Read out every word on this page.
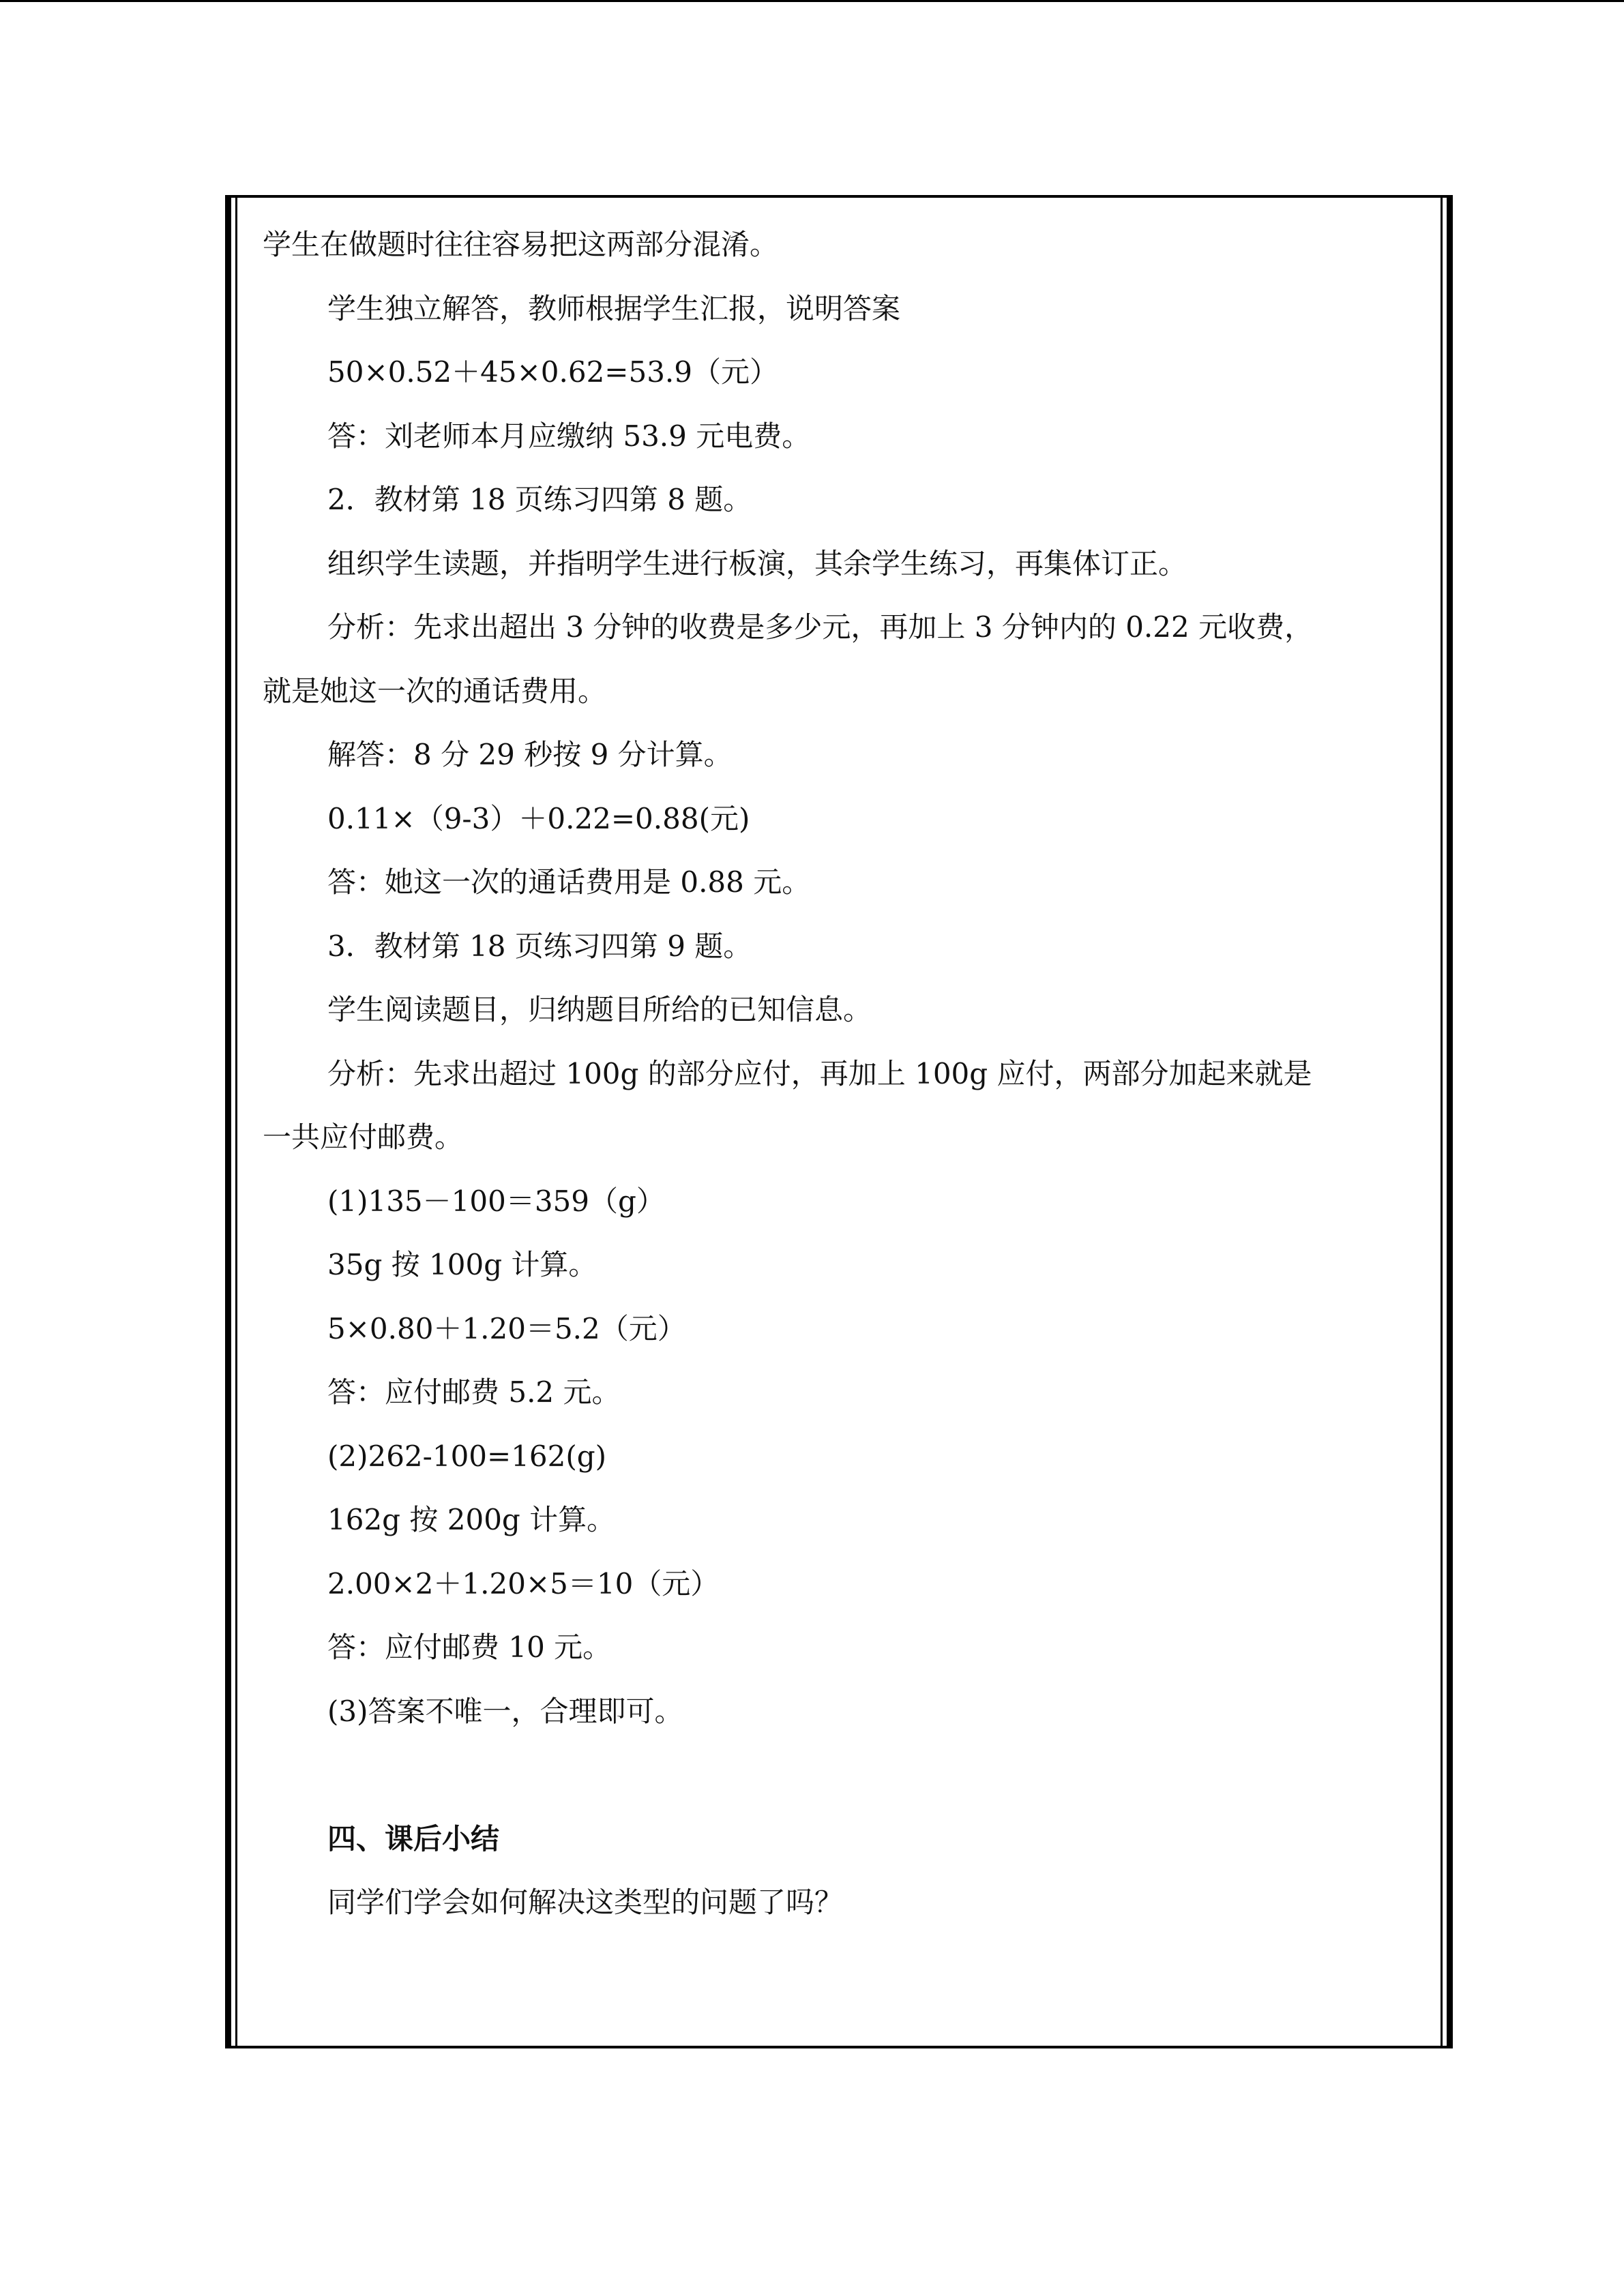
学生在做题时往往容易把这两部分混淆。
学生独立解答，教师根据学生汇报，说明答案
50×0.52＋45×0.62=53.9（元）
答：刘老师本月应缴纳 53.9 元电费。
2．教材第 18 页练习四第 8 题。
组织学生读题，并指明学生进行板演，其余学生练习，再集体订正。
分析：先求出超出 3 分钟的收费是多少元，再加上 3 分钟内的 0.22 元收费，
就是她这一次的通话费用。
解答：8 分 29 秒按 9 分计算。
0.11×（9-3）＋0.22=0.88(元)
答：她这一次的通话费用是 0.88 元。
3．教材第 18 页练习四第 9 题。
学生阅读题目，归纳题目所给的已知信息。
分析：先求出超过 100g 的部分应付，再加上 100g 应付，两部分加起来就是
一共应付邮费。
(1)135－100＝359（g）
35g 按 100g 计算。
5×0.80＋1.20＝5.2（元）
答：应付邮费 5.2 元。
(2)262-100=162(g)
162g 按 200g 计算。
2.00×2＋1.20×5＝10（元）
答：应付邮费 10 元。
(3)答案不唯一，合理即可。
四、课后小结
同学们学会如何解决这类型的问题了吗？
